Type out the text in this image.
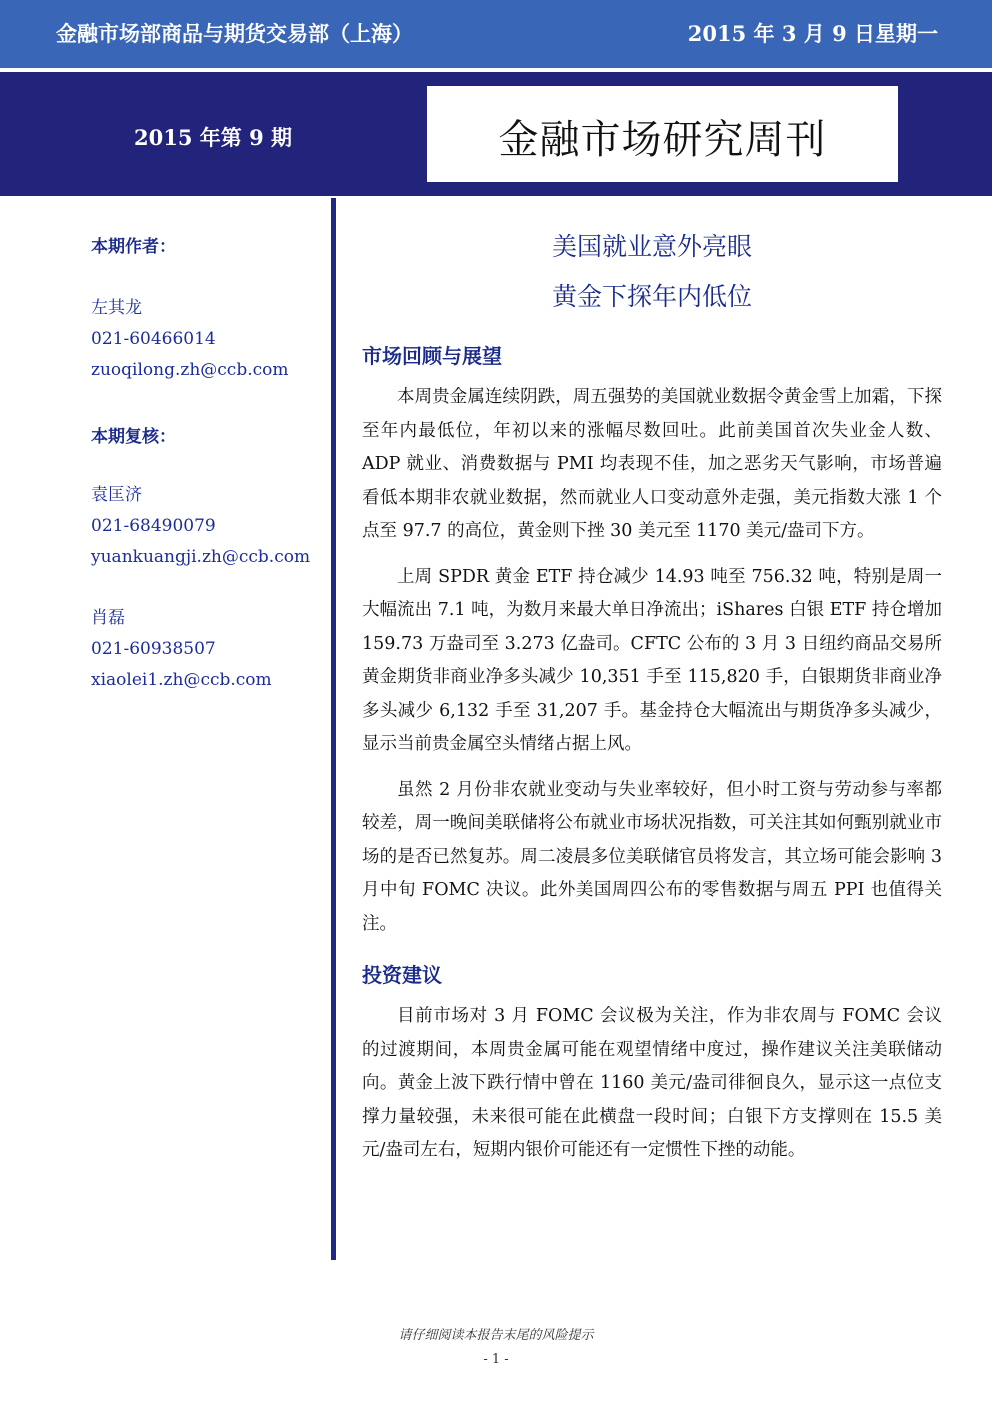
金融市场部商品与期货交易部（上海）	2015 年 3 月 9 日星期一
2015 年第 9 期	金融市场研究周刊
本期作者：
左其龙
021-60466014
zuoqilong.zh@ccb.com
本期复核：
袁匡济
021-68490079
yuankuangji.zh@ccb.com
肖磊
021-60938507
xiaolei1.zh@ccb.com
美国就业意外亮眼
黄金下探年内低位
市场回顾与展望

本周贵金属连续阴跌，周五强势的美国就业数据令黄金雪上加霜，下探至年内最低位，年初以来的涨幅尽数回吐。此前美国首次失业金人数、ADP 就业、消费数据与 PMI 均表现不佳，加之恶劣天气影响，市场普遍看低本期非农就业数据，然而就业人口变动意外走强，美元指数大涨 1 个点至 97.7 的高位，黄金则下挫 30 美元至 1170 美元/盎司下方。

上周 SPDR 黄金 ETF 持仓减少 14.93 吨至 756.32 吨，特别是周一大幅流出 7.1 吨，为数月来最大单日净流出；iShares 白银 ETF 持仓增加 159.73 万盎司至 3.273 亿盎司。CFTC 公布的 3 月 3 日纽约商品交易所黄金期货非商业净多头减少 10,351 手至 115,820 手，白银期货非商业净多头减少 6,132 手至 31,207 手。基金持仓大幅流出与期货净多头减少，显示当前贵金属空头情绪占据上风。

虽然 2 月份非农就业变动与失业率较好，但小时工资与劳动参与率都较差，周一晚间美联储将公布就业市场状况指数，可关注其如何甄别就业市场的是否已然复苏。周二凌晨多位美联储官员将发言，其立场可能会影响 3 月中旬 FOMC 决议。此外美国周四公布的零售数据与周五 PPI 也值得关注。

投资建议

目前市场对 3 月 FOMC 会议极为关注，作为非农周与 FOMC 会议的过渡期间，本周贵金属可能在观望情绪中度过，操作建议关注美联储动向。黄金上波下跌行情中曾在 1160 美元/盎司徘徊良久，显示这一点位支撑力量较强，未来很可能在此横盘一段时间；白银下方支撑则在 15.5 美元/盎司左右，短期内银价可能还有一定惯性下挫的动能。

请仔细阅读本报告末尾的风险提示
- 1 -
